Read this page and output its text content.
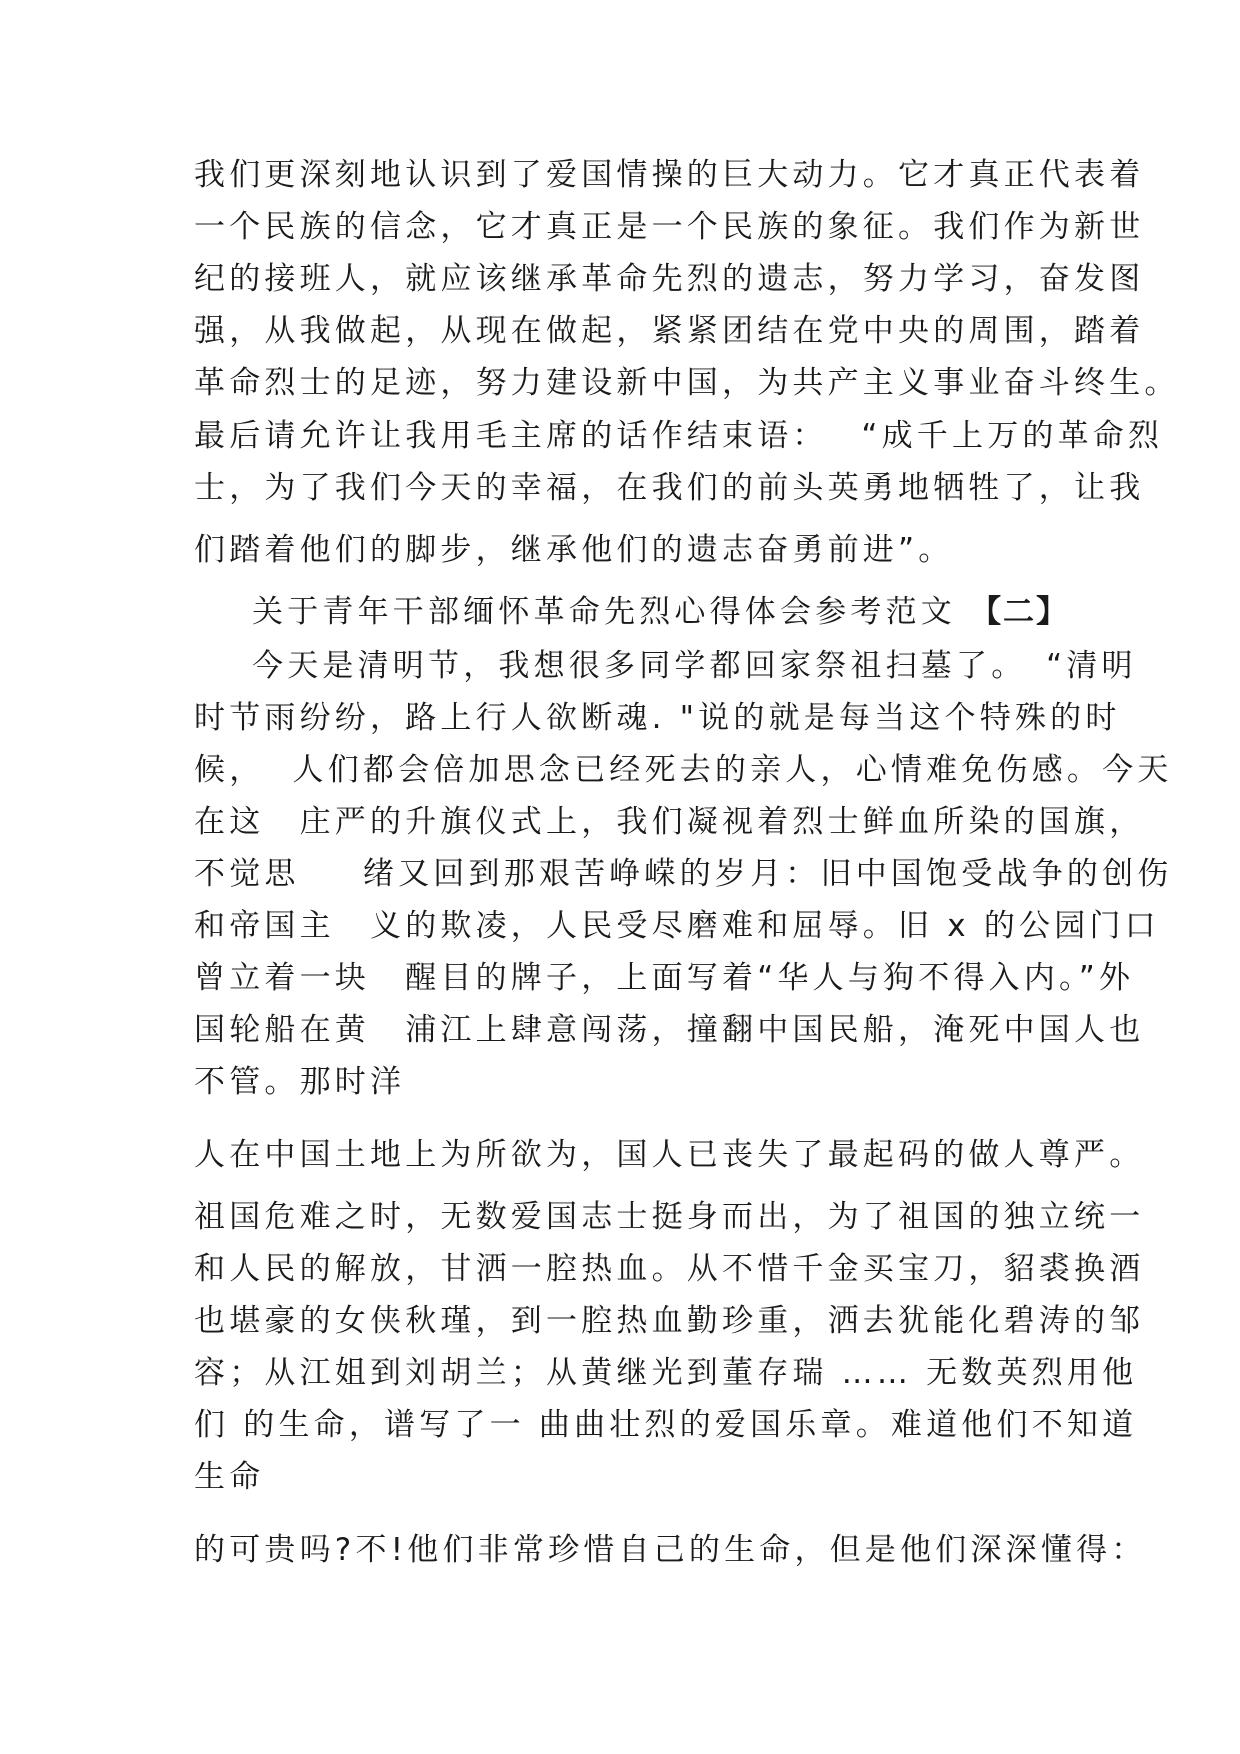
我们更深刻地认识到了爱国情操的巨大动力。它才真正代表着
一个民族的信念，它才真正是一个民族的象征。我们作为新世
纪的接班人，就应该继承革命先烈的遗志，努力学习，奋发图
强，从我做起，从现在做起，紧紧团结在党中央的周围，踏着
革命烈士的足迹，努力建设新中国，为共产主义事业奋斗终生。
最后请允许让我用毛主席的话作结束语：　 “成千上万的革命烈
士，为了我们今天的幸福，在我们的前头英勇地牺牲了，让我
们踏着他们的脚步，继承他们的遗志奋勇前进”。
关于青年干部缅怀革命先烈心得体会参考范文 【二】
今天是清明节，我想很多同学都回家祭祖扫墓了。　“清明
时节雨纷纷，路上行人欲断魂. "说的就是每当这个特殊的时
候，  人们都会倍加思念已经死去的亲人，心情难免伤感。今天
在这　庄严的升旗仪式上，我们凝视着烈士鲜血所染的国旗，
不觉思　  绪又回到那艰苦峥嵘的岁月：旧中国饱受战争的创伤
和帝国主　义的欺凌，人民受尽磨难和屈辱。旧 x 的公园门口
曾立着一块　醒目的牌子，上面写着“华人与狗不得入内。”外
国轮船在黄　浦江上肆意闯荡，撞翻中国民船，淹死中国人也
不管。那时洋
人在中国土地上为所欲为，国人已丧失了最起码的做人尊严。
祖国危难之时，无数爱国志士挺身而出，为了祖国的独立统一
和人民的解放，甘洒一腔热血。从不惜千金买宝刀，貂裘换酒
也堪豪的女侠秋瑾，到一腔热血勤珍重，洒去犹能化碧涛的邹
容；从江姐到刘胡兰；从黄继光到董存瑞 …… 无数英烈用他
们 的生命，谱写了一 曲曲壮烈的爱国乐章。难道他们不知道
生命
的可贵吗?不!他们非常珍惜自己的生命，但是他们深深懂得：
